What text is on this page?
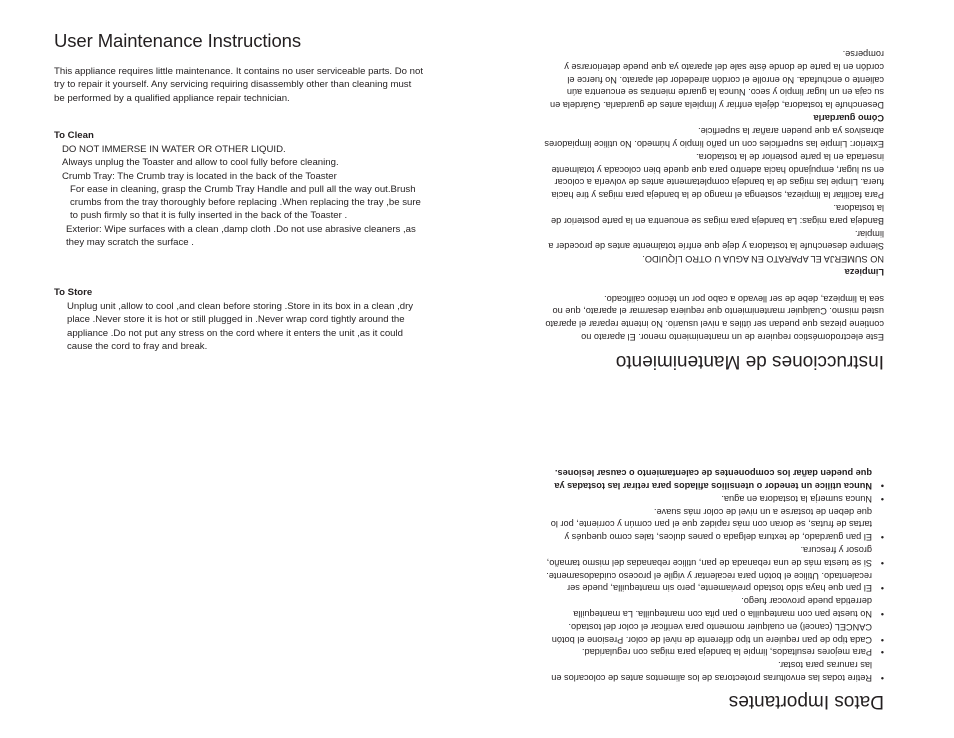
User Maintenance Instructions

This appliance requires little maintenance. It contains no user serviceable parts. Do not try to repair it yourself. Any servicing requiring disassembly other than cleaning must be performed by a qualified appliance repair technician.

To Clean

DO NOT IMMERSE IN WATER OR OTHER LIQUID.

Always unplug the Toaster and allow to cool fully before cleaning.

Crumb Tray: The Crumb tray is located in the back of the Toaster

For ease in cleaning, grasp the Crumb Tray Handle and pull all the way out.Brush crumbs from the tray thoroughly before replacing .When replacing the tray ,be sure to push firmly so that it is fully inserted in the back of the Toaster .

Exterior: Wipe surfaces with a clean ,damp cloth .Do not use abrasive cleaners ,as they may scratch the surface .

To Store

Unplug unit ,allow to cool ,and clean before storing .Store in its box in a clean ,dry place .Never store it is hot or still plugged in .Never wrap cord tightly around the appliance .Do not put any stress on the cord where it enters the unit ,as it could cause the cord to fray and break.

Datos Importantes
• Retire todas las envolturas protectoras de los alimentos antes de colocarlos en las ranuras para tostar.
• Para mejores resultados, limpie la bandeja para migas con regularidad.
• Cada tipo de pan requiere un tipo diferente de nivel de color. Presione el botón CANCEL (cancel) en cualquier momento para verificar el color del tostado.
• No tueste pan con mantequilla o pan pita con mantequilla. La mantequilla derretida puede provocar fuego.
• El pan que haya sido tostado previamente, pero sin mantequilla, puede ser recalentado. Utilice el botón para recalentar y vigile el proceso cuidadosamente.
• Si se tuesta más de una rebanada de pan, utilice rebanadas del mismo tamaño, grosor y frescura.
• El pan guardado, de textura delgada o panes dulces, tales como quequés y tartas de frutas, se doran con más rapidez que el pan común y corriente, por lo que deben de tostarse a un nivel de color más suave.
• Nunca sumerja la tostadora en agua.
• Nunca utilice un tenedor o utensilios afilados para retirar las tostadas ya que pueden dañar los componentes de calentamiento o causar lesiones.
Instrucciones de Mantenimiento

Este electrodoméstico requiere de un mantenimiento menor. El aparato no contiene piezas que puedan ser útiles a nivel usuario. No intente reparar el aparato usted mismo. Cualquier mantenimiento que requiera desarmar el aparato, que no sea la limpieza, debe de ser llevado a cabo por un técnico calificado.

Limpieza

NO SUMERJA EL APARATO EN AGUA U OTRO LÍQUIDO.

Siempre desenchufe la tostadora y deje que enfríe totalmente antes de proceder a limpiar.

Bandeja para migas: La bandeja para migas se encuentra en la parte posterior de la tostadora.

Para facilitar la limpieza, sostenga el mango de la bandeja para migas y tire hacia fuera. Limpie las migas de la bandeja completamente antes de volverla a colocar en su lugar, empujando hacia adentro para que quede bien colocada y totalmente insertada en la parte posterior de la tostadora.

Exterior: Limpie las superficies con un paño limpio y húmedo. No utilice limpiadores abrasivos ya que pueden arañar la superficie.

Cómo guardarla

Desenchufe la tostadora, déjela enfriar y límpiela antes de guardarla. Guárdela en su caja en un lugar limpio y seco. Nunca la guarde mientras se encuentra aún caliente o enchufada. No enrolle el cordón alrededor del aparato. No fuerce el cordón en la parte de donde éste sale del aparato ya que puede deteriorarse y romperse.
